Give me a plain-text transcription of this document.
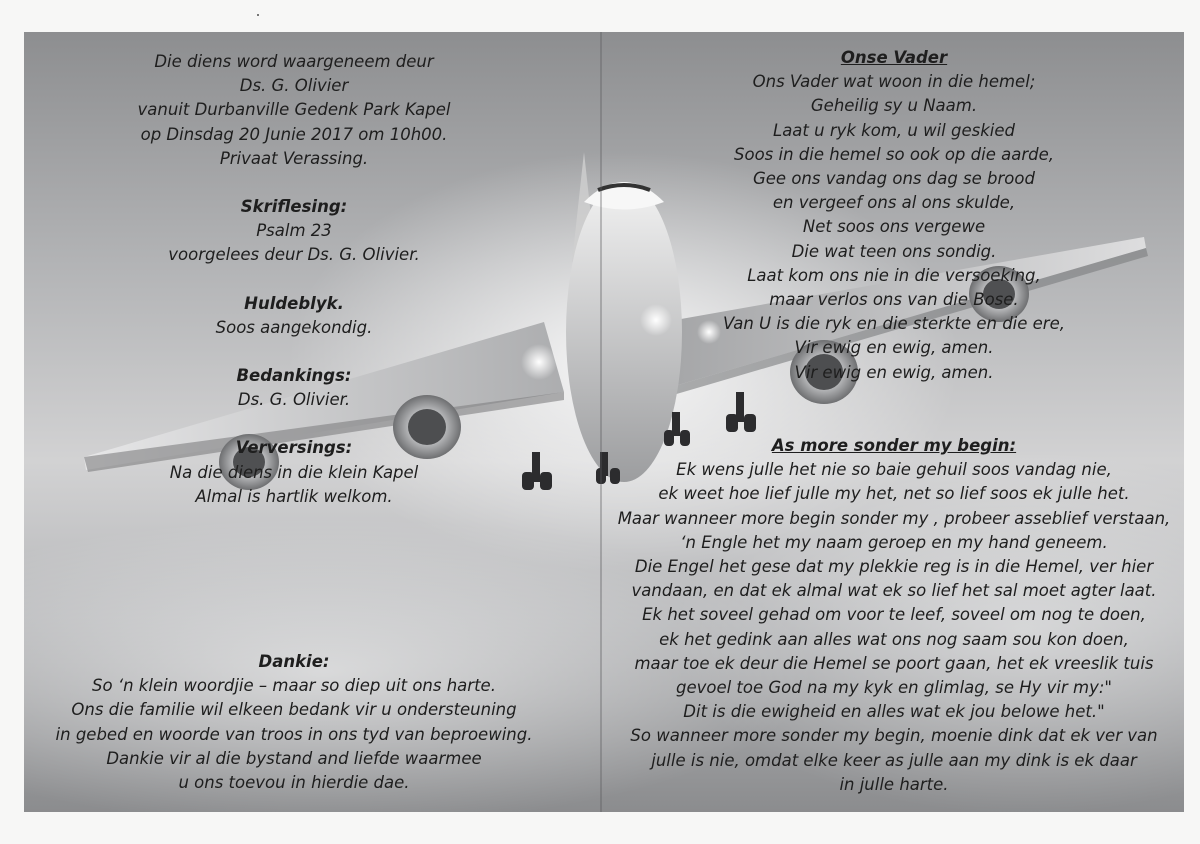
Die diens word waargeneem deur
Ds. G. Olivier
vanuit Durbanville Gedenk Park Kapel
op Dinsdag 20 Junie 2017 om 10h00.
Privaat Verassing.
Skriflesing:
Psalm 23
voorgelees deur Ds. G. Olivier.
Huldeblyk.
Soos aangekondig.
Bedankings:
Ds. G. Olivier.
Verversings:
Na die diens in die klein Kapel
Almal is hartlik welkom.
Dankie:
So ‘n klein woordjie – maar so diep uit ons harte.
Ons die familie wil elkeen bedank vir u ondersteuning
in gebed en woorde van troos in ons tyd van beproewing.
Dankie vir al die bystand and liefde waarmee
u ons toevou in hierdie dae.
Onse Vader
Ons Vader wat woon in die hemel;
Geheilig sy u Naam.
Laat u ryk kom, u wil geskied
Soos in die hemel so ook op die aarde,
Gee ons vandag ons dag se brood
en vergeef ons al ons skulde,
Net soos ons vergewe
Die wat teen ons sondig.
Laat kom ons nie in die versoeking,
maar verlos ons van die Bose.
Van U is die ryk en die sterkte en die ere,
Vir ewig en ewig, amen.
Vir ewig en ewig, amen.
As more sonder my begin:
Ek wens julle het nie so baie gehuil soos vandag nie,
ek weet hoe lief julle my het, net so lief soos ek julle het.
Maar wanneer more begin sonder my , probeer asseblief verstaan,
‘n Engle het my naam geroep en my hand geneem.
Die Engel het gese dat my plekkie reg is in die Hemel, ver hier
vandaan, en dat ek almal wat ek so lief het sal moet agter laat.
Ek het soveel gehad om voor te leef, soveel om nog te doen,
ek het gedink aan alles wat ons nog saam sou kon doen,
maar toe ek deur die Hemel se poort gaan, het ek vreeslik tuis
gevoel toe God na my kyk en glimlag, se Hy vir my:"
Dit is die ewigheid en alles wat ek jou belowe het."
So wanneer more sonder my begin, moenie dink dat ek ver van
julle is nie, omdat elke keer as julle aan my dink is ek daar
in julle harte.
